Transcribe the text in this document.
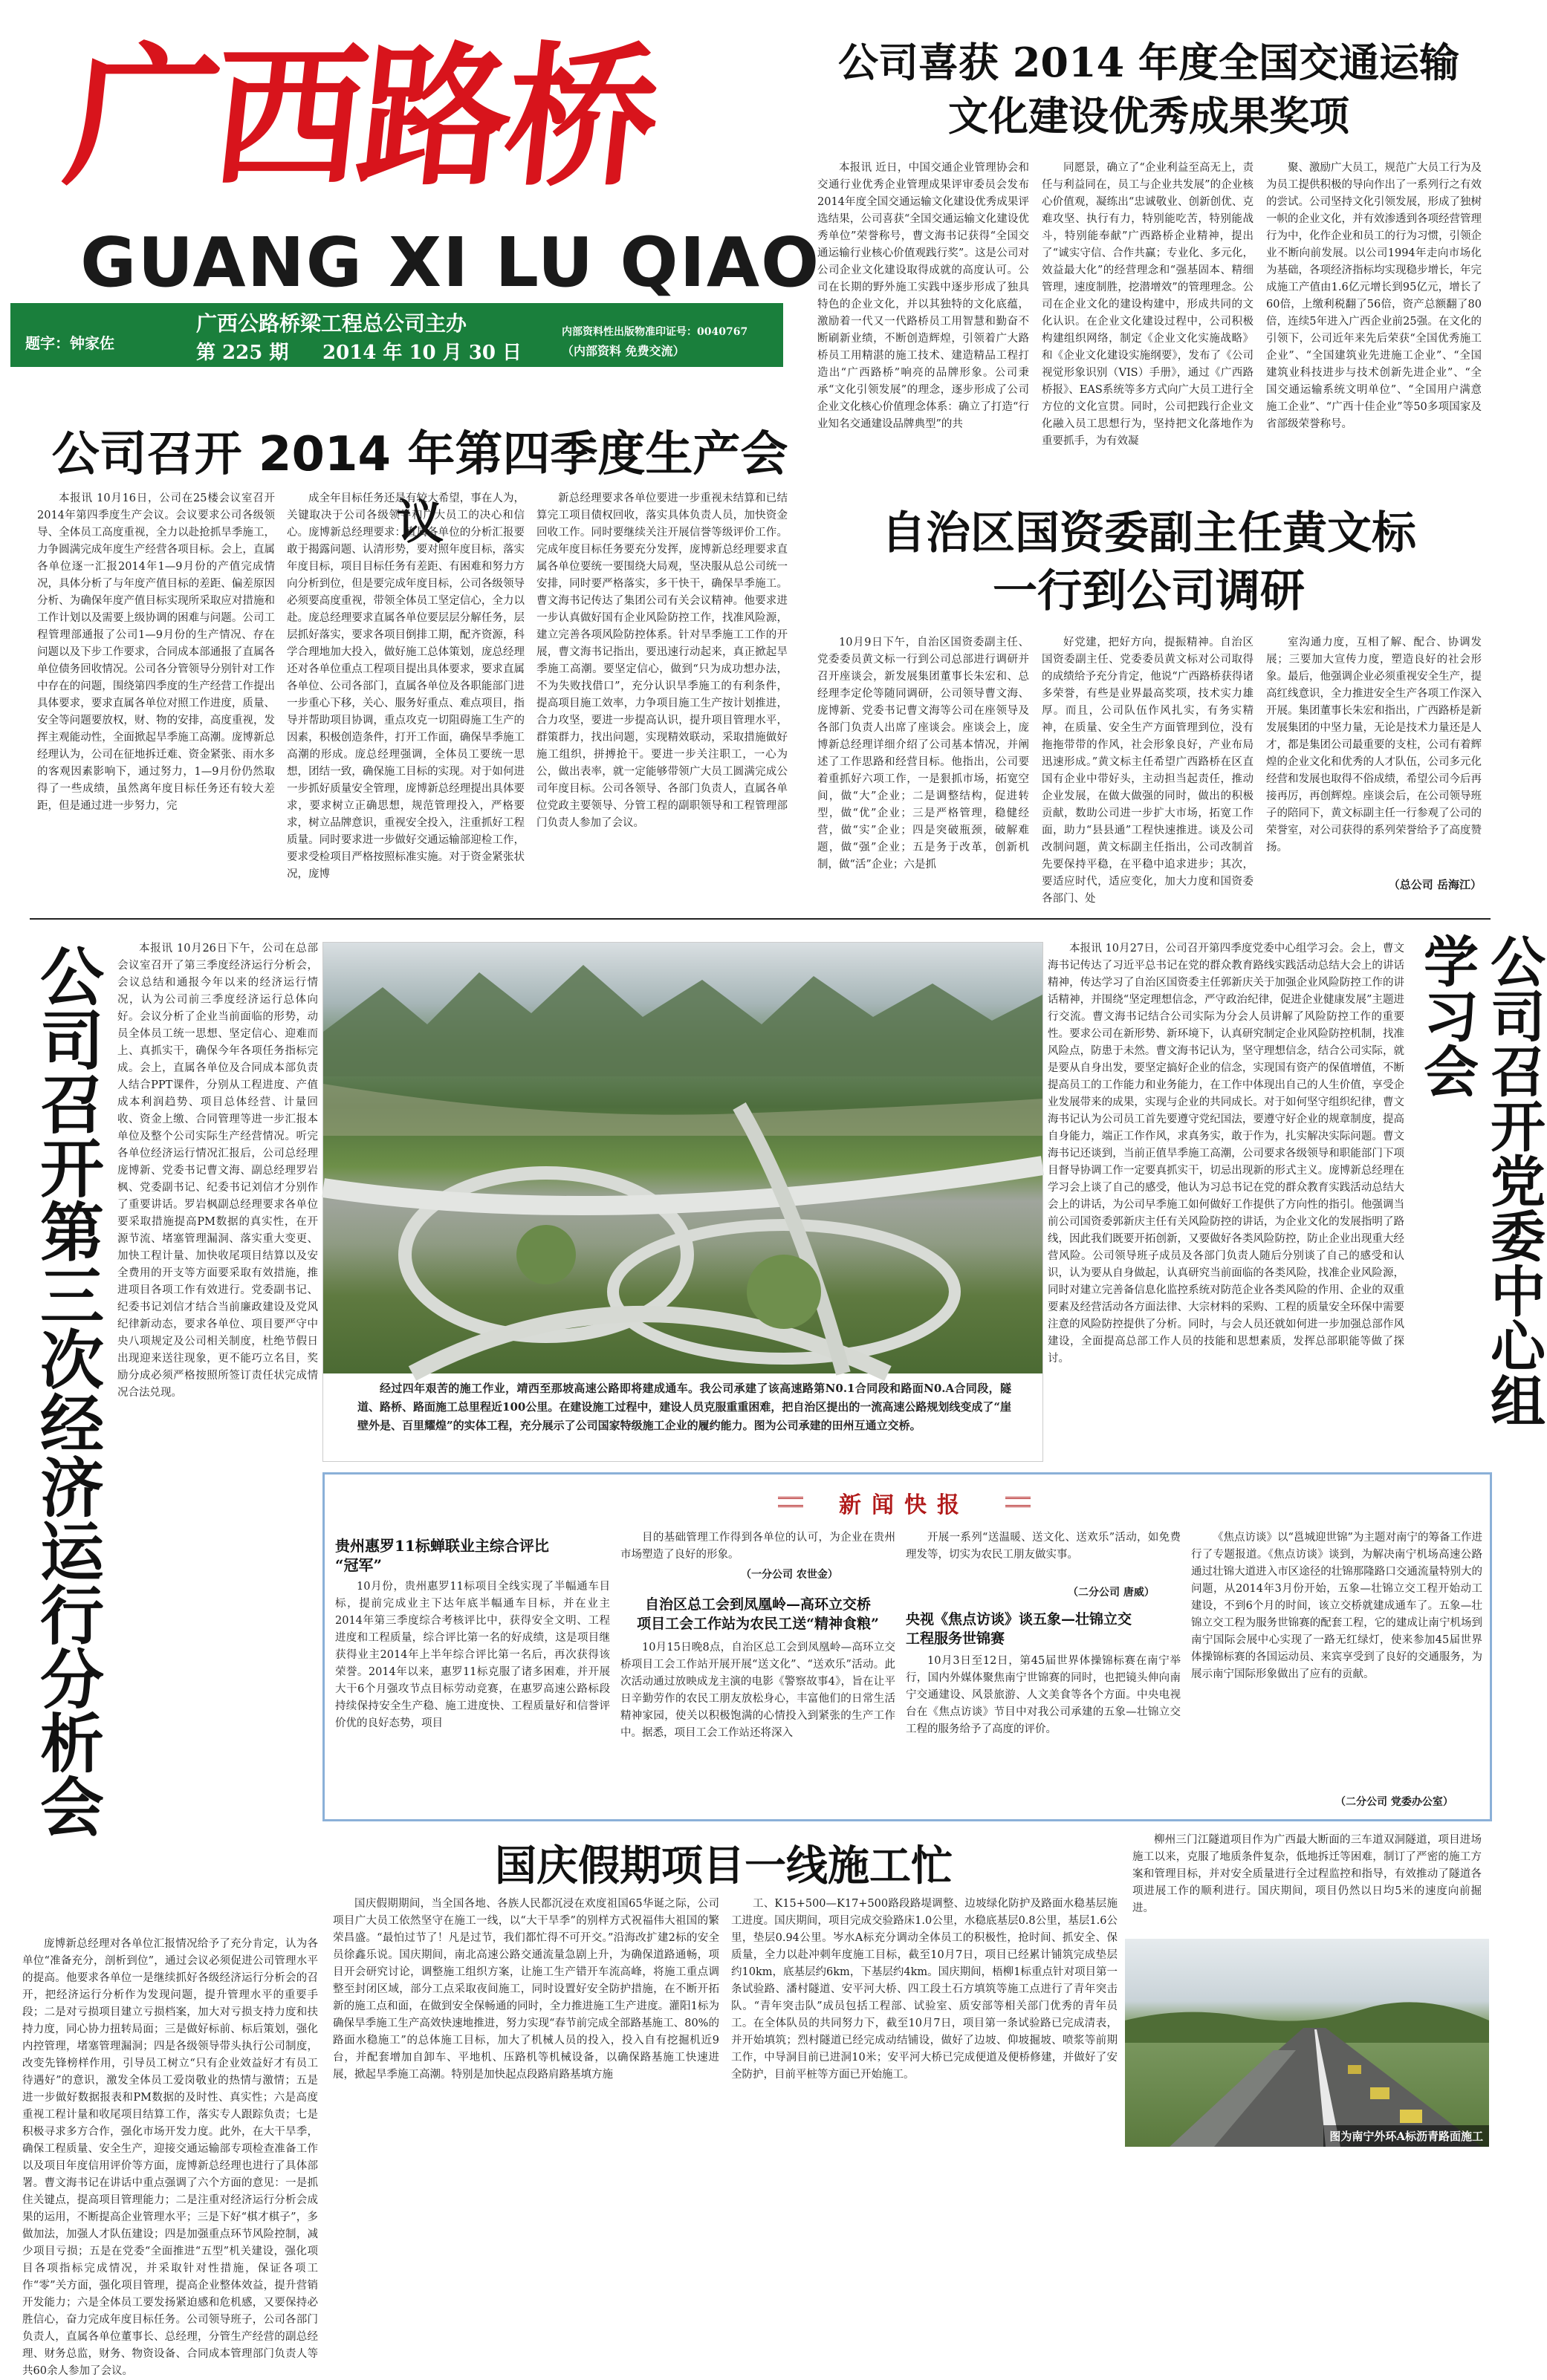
广西路桥
GUANG XI LU QIAO
题字：钟家佐
广西公路桥梁工程总公司主办
第 225 期 2014 年 10 月 30 日
内部资料性出版物准印证号：0040767
（内部资料 免费交流）
公司喜获 2014 年度全国交通运输
文化建设优秀成果奖项

本报讯 近日，中国交通企业管理协会和交通行业优秀企业管理成果评审委员会发布2014年度全国交通运输文化建设优秀成果评选结果，公司喜获“全国交通运输文化建设优秀单位”荣誉称号，曹文海书记获得“全国交通运输行业核心价值观践行奖”。这是公司对公司企业文化建设取得成就的高度认可。公司在长期的野外施工实践中逐步形成了独具特色的企业文化，并以其独特的文化底蕴，激励着一代又一代路桥员工用智慧和勤奋不断刷新业绩，不断创造辉煌，引领着广大路桥员工用精湛的施工技术、建造精品工程打造出“广西路桥”响亮的品牌形象。公司秉承“文化引领发展”的理念，逐步形成了公司企业文化核心价值理念体系：确立了打造“行业知名交通建设品牌典型”的共

同愿景，确立了“企业利益至高无上，责任与利益同在，员工与企业共发展”的企业核心价值观，凝练出“忠诚敬业、创新创优、克难攻坚、执行有力，特别能吃苦，特别能战斗，特别能奉献”广西路桥企业精神，提出了“诚实守信、合作共赢；专业化、多元化，效益最大化”的经营理念和“强基固本、精细管理，速度制胜，挖潜增效”的管理理念。公司在企业文化的建设构建中，形成共同的文化认识。在企业文化建设过程中，公司积极构建组织网络，制定《企业文化实施战略》和《企业文化建设实施纲要》，发布了《公司视觉形象识别（VIS）手册》，通过《广西路桥报》、EAS系统等多方式向广大员工进行全方位的文化宣贯。同时，公司把践行企业文化融入员工思想行为，坚持把文化落地作为重要抓手，为有效凝

聚、激励广大员工，规范广大员工行为及为员工提供积极的导向作出了一系列行之有效的尝试。公司坚持文化引领发展，形成了独树一帜的企业文化，并有效渗透到各项经营管理行为中，化作企业和员工的行为习惯，引领企业不断向前发展。以公司1994年走向市场化为基础，各项经济指标均实现稳步增长，年完成施工产值由1.6亿元增长到95亿元，增长了60倍，上缴利税翻了56倍，资产总额翻了80倍，连续5年进入广西企业前25强。在文化的引领下，公司近年来先后荣获“全国优秀施工企业”、“全国建筑业先进施工企业”、“全国建筑业科技进步与技术创新先进企业”、“全国交通运输系统文明单位”、“全国用户满意施工企业”、“广西十佳企业”等50多项国家及省部级荣誉称号。

公司召开 2014 年第四季度生产会议

本报讯 10月16日，公司在25楼会议室召开2014年第四季度生产会议。会议要求公司各级领导、全体员工高度重视，全力以赴抢抓旱季施工，力争圆满完成年度生产经营各项目标。会上，直属各单位逐一汇报2014年1—9月份的产值完成情况，具体分析了与年度产值目标的差距、偏差原因分析、为确保年度产值目标实现所采取应对措施和工作计划以及需要上级协调的困难与问题。公司工程管理部通报了公司1—9月份的生产情况、存在问题以及下步工作要求，合同成本部通报了直属各单位债务回收情况。公司各分管领导分别针对工作中存在的问题，围绕第四季度的生产经营工作提出具体要求，要求直属各单位对照工作进度，质量、安全等问题要放权，财、物的安排，高度重视，发挥主观能动性，全面掀起旱季施工高潮。庞博新总经理认为，公司在征地拆迁难、资金紧张、雨水多的客观因素影响下，通过努力，1—9月份仍然取得了一些成绩，虽然离年度目标任务还有较大差距，但是通过进一步努力，完

成全年目标任务还是有较大希望，事在人为，关键取决于公司各级领导和广大员工的决心和信心。庞博新总经理要求：直属各单位的分析汇报要敢于揭露问题、认清形势，要对照年度目标，落实年度目标，项目目标任务有差距、有困难和努力方向分析到位，但是要完成年度目标，公司各级领导必须要高度重视，带领全体员工坚定信心，全力以赴。庞总经理要求直属各单位要层层分解任务，层层抓好落实，要求各项目倒排工期，配齐资源，科学合理地加大投入，做好施工总体策划，庞总经理还对各单位重点工程项目提出具体要求，要求直属各单位、公司各部门，直属各单位及各职能部门进一步重心下移，关心、服务好重点、难点项目，指导并帮助项目协调，重点攻克一切阻碍施工生产的因素，积极创造条件，打开工作面，确保旱季施工高潮的形成。庞总经理强调，全体员工要统一思想，团结一致，确保施工目标的实现。对于如何进一步抓好质量安全管理，庞博新总经理提出具体要求，要求树立正确思想，规范管理投入，严格要求，树立品牌意识，重视安全投入，注重抓好工程质量。同时要求进一步做好交通运输部迎检工作，要求受检项目严格按照标准实施。对于资金紧张状况，庞博

新总经理要求各单位要进一步重视未结算和已结算完工项目债权回收，落实具体负责人员，加快资金回收工作。同时要继续关注开展信誉等级评价工作。完成年度目标任务要充分发挥，庞博新总经理要求直属各单位要统一要围绕大局观，坚决服从总公司统一安排，同时要严格落实，多干快干，确保旱季施工。曹文海书记传达了集团公司有关会议精神。他要求进一步认真做好国有企业风险防控工作，找准风险源，建立完善各项风险防控体系。针对旱季施工工作的开展，曹文海书记指出，要迅速行动起来，真正掀起旱季施工高潮。要坚定信心，做到“只为成功想办法，不为失败找借口”，充分认识旱季施工的有利条件，提高项目施工效率，力争项目施工生产按计划推进，合力攻坚，要进一步提高认识，提升项目管理水平，群策群力，找出问题，实现精效联动，采取措施做好施工组织，拼搏抢干。要进一步关注职工，一心为公，做出表率，就一定能够带领广大员工圆满完成公司年度目标。公司各领导、各部门负责人，直属各单位党政主要领导、分管工程的副职领导和工程管理部门负责人参加了会议。

自治区国资委副主任黄文标
一行到公司调研

10月9日下午，自治区国资委副主任、党委委员黄文标一行到公司总部进行调研并召开座谈会，新发展集团董事长朱宏和、总经理李定伦等随同调研，公司领导曹文海、庞博新、党委书记曹文海等公司在座领导及各部门负责人出席了座谈会。座谈会上，庞博新总经理详细介绍了公司基本情况，并阐述了工作思路和经营目标。他指出，公司要着重抓好六项工作，一是狠抓市场，拓宽空间，做“大”企业；二是调整结构，促进转型，做“优”企业；三是严格管理，稳健经营，做“实”企业；四是突破瓶颈，破解难题，做“强”企业；五是务于改革，创新机制，做“活”企业；六是抓

好党建，把好方向，提振精神。自治区国资委副主任、党委委员黄文标对公司取得的成绩给予充分肯定，他说“广西路桥获得诸多荣誉，有些是业界最高奖项，技术实力雄厚。而且，公司队伍作风扎实，有务实精神，在质量、安全生产方面管理到位，没有拖拖带带的作风，社会形象良好，产业布局迅速形成。”黄文标主任希望广西路桥在区直国有企业中带好头，主动担当起责任，推动企业发展，在做大做强的同时，做出的积极贡献，数助公司进一步扩大市场，拓宽工作面，助力“县县通”工程快速推进。谈及公司改制问题，黄文标副主任指出，公司改制首先要保持平稳，在平稳中追求进步；其次，要适应时代，适应变化，加大力度和国资委各部门、处

室沟通力度，互相了解、配合、协调发展；三要加大宣传力度，塑造良好的社会形象。最后，他强调企业必须重视安全生产，提高红线意识，全力推进安全生产各项工作深入开展。集团董事长朱宏和指出，广西路桥是新发展集团的中坚力量，无论是技术力量还是人才，都是集团公司最重要的支柱，公司有着辉煌的企业文化和优秀的人才队伍，公司多元化经营和发展也取得不俗成绩，希望公司今后再接再厉，再创辉煌。座谈会后，在公司领导班子的陪同下，黄文标副主任一行参观了公司的荣誉室，对公司获得的系列荣誉给予了高度赞扬。

（总公司 岳海江）
公司召开第三次经济运行分析会	本报讯 10月26日下午，公司在总部会议室召开了第三季度经济运行分析会，会议总结和通报今年以来的经济运行情况，认为公司前三季度经济运行总体向好。会议分析了企业当前面临的形势，动员全体员工统一思想、坚定信心、迎难而上、真抓实干，确保今年各项任务指标完成。会上，直属各单位及合同成本部负责人结合PPT课件，分别从工程进度、产值成本利润趋势、项目总体经营、计量回收、资金上缴、合同管理等进一步汇报本单位及整个公司实际生产经营情况。听完各单位经济运行情况汇报后，公司总经理庞博新、党委书记曹文海、副总经理罗岩枫、党委副书记、纪委书记刘信才分别作了重要讲话。罗岩枫副总经理要求各单位要采取措施提高PM数据的真实性，在开源节流、堵塞管理漏洞、落实重大变更、加快工程计量、加快收尾项目结算以及安全费用的开支等方面要采取有效措施，推进项目各项工作有效进行。党委副书记、纪委书记刘信才结合当前廉政建设及党风纪律新动态，要求各单位、项目要严守中央八项规定及公司相关制度，杜绝节假日出现迎来送往现象，更不能巧立名目，奖励分成必须严格按照所签订责任状完成情况合法兑现。

庞博新总经理对各单位汇报情况给予了充分肯定，认为各单位“准备充分，剖析到位”，通过会议必须促进公司管理水平的提高。他要求各单位一是继续抓好各级经济运行分析会的召开，把经济运行分析作为发现问题，提升管理水平的重要手段；二是对亏损项目建立亏损档案，加大对亏损支持力度和扶持力度，同心协力扭转局面；三是做好标前、标后策划，强化内控管理，堵塞管理漏洞；四是各级领导带头执行公司制度，改变先锋榜样作用，引导员工树立“只有企业效益好才有员工待遇好”的意识，激发全体员工爱岗敬业的热情与激情；五是进一步做好数据报表和PM数据的及时性、真实性；六是高度重视工程计量和收尾项目结算工作，落实专人跟踪负责；七是积极寻求多方合作，强化市场开发力度。此外，在大干旱季，确保工程质量、安全生产，迎接交通运输部专项检查准备工作以及项目年度信用评价等方面，庞博新总经理也进行了具体部署。曹文海书记在讲话中重点强调了六个方面的意见：一是抓住关键点，提高项目管理能力；二是注重对经济运行分析会成果的运用，不断提高企业管理水平；三是下好“棋才棋子”，多做加法，加强人才队伍建设；四是加强重点环节风险控制，减少项目亏损；五是在党委“全面推进“五型”机关建设，强化项目各项指标完成情况，并采取针对性措施，保证各项工作“零”关方面，强化项目管理，提高企业整体效益，提升营销开发能力；六是全体员工要发扬紧迫感和危机感，又要保持必胜信心，奋力完成年度目标任务。公司领导班子，公司各部门负责人，直属各单位董事长、总经理，分管生产经营的副总经理、财务总监，财务、物资设备、合同成本管理部门负责人等共60余人参加了会议。

经过四年艰苦的施工作业，靖西至那坡高速公路即将建成通车。我公司承建了该高速路第N0.1合同段和路面N0.A合同段，隧道、路桥、路面施工总里程近100公里。在建设施工过程中，建设人员克服重重困难，把自治区提出的一流高速公路规划线变成了“崖壁外是、百里耀煌”的实体工程，充分展示了公司国家特级施工企业的履约能力。图为公司承建的田州互通立交桥。

本报讯 10月27日，公司召开第四季度党委中心组学习会。会上，曹文海书记传达了习近平总书记在党的群众教育路线实践活动总结大会上的讲话精神，传达学习了自治区国资委主任郭新庆关于加强企业风险防控工作的讲话精神，并围绕“坚定理想信念，严守政治纪律，促进企业健康发展”主题进行交流。曹文海书记结合公司实际为分会人员讲解了风险防控工作的重要性。要求公司在新形势、新环境下，认真研究制定企业风险防控机制，找准风险点，防患于未然。曹文海书记认为，坚守理想信念，结合公司实际，就是要从自身出发，要坚定搞好企业的信念，实现国有资产的保值增值，不断提高员工的工作能力和业务能力，在工作中体现出自己的人生价值，享受企业发展带来的成果，实现与企业的共同成长。对于如何坚守组织纪律，曹文海书记认为公司员工首先要遵守党纪国法，要遵守好企业的规章制度，提高自身能力，端正工作作风，求真务实，敢于作为，扎实解决实际问题。曹文海书记还谈到，当前正值旱季施工高潮，公司要求各级领导和职能部门下项目督导协调工作一定要真抓实干，切忌出现新的形式主义。庞博新总经理在学习会上谈了自己的感受，他认为习总书记在党的群众教育实践活动总结大会上的讲话，为公司早季施工如何做好工作提供了方向性的指引。他强调当前公司国资委郭新庆主任有关风险防控的讲话，为企业文化的发展指明了路线，因此我们既要开拓创新，又要做好各类风险防控，防止企业出现重大经营风险。公司领导班子成员及各部门负责人随后分别谈了自己的感受和认识，认为要从自身做起，认真研究当前面临的各类风险，找准企业风险源，同时对建立完善备信息化监控系统对防范企业各类风险的作用、企业的双重要素及经营活动各方面法律、大宗材料的采购、工程的质量安全环保中需要注意的风险防控提供了分析。同时，与会人员还就如何进一步加强总部作风建设，全面提高总部工作人员的技能和思想素质，发挥总部职能等做了探讨。	公司召开党委中心组学习会
新闻快报
贵州惠罗11标蝉联业主综合评比
“冠军”

10月份，贵州惠罗11标项目全线实现了半幅通车目标，提前完成业主下达年底半幅通车目标，并在业主2014年第三季度综合考核评比中，获得安全文明、工程进度和工程质量，综合评比第一名的好成绩，这是项目继获得业主2014年上半年综合评比第一名后，再次获得该荣誉。2014年以来，惠罗11标克服了诸多困难，并开展大干6个月强攻节点目标劳动竞赛，在惠罗高速公路标段持续保持安全生产稳、施工进度快、工程质量好和信誉评价优的良好态势，项目

目的基础管理工作得到各单位的认可，为企业在贵州市场塑造了良好的形象。

（一分公司 农世金）
自治区总工会到凤凰岭—高环立交桥
项目工会工作站为农民工送“精神食粮”

10月15日晚8点，自治区总工会到凤凰岭—高环立交桥项目工会工作站开展开展“送文化”、“送欢乐”活动。此次活动通过放映成龙主演的电影《警察故事4》，旨在让平日辛勤劳作的农民工朋友放松身心，丰富他们的日常生活精神家园，使关以积极饱满的心情投入到紧张的生产工作中。据悉，项目工会工作站还将深入

开展一系列“送温暖、送文化、送欢乐”活动，如免费理发等，切实为农民工朋友做实事。

（二分公司 唐威）
央视《焦点访谈》谈五象—壮锦立交
工程服务世锦赛

10月3日至12日，第45届世界体操锦标赛在南宁举行，国内外媒体聚焦南宁世锦赛的同时，也把镜头伸向南宁交通建设、风景旅游、人文美食等各个方面。中央电视台在《焦点访谈》节目中对我公司承建的五象—壮锦立交工程的服务给予了高度的评价。

《焦点访谈》以“邕城迎世锦”为主题对南宁的筹备工作进行了专题报道。《焦点访谈》谈到，为解决南宁机场高速公路通过壮锦大道进入市区途径的壮锦那隆路口交通流量特别大的问题，从2014年3月份开始，五象—壮锦立交工程开始动工建设，不到6个月的时间，该立交桥就建成通车了。五象—壮锦立交工程为服务世锦赛的配套工程，它的建成让南宁机场到南宁国际会展中心实现了一路无红绿灯，使来参加45届世界体操锦标赛的各国运动员、来宾享受到了良好的交通服务，为展示南宁国际形象做出了应有的贡献。

（二分公司 党委办公室）
国庆假期项目一线施工忙

国庆假期期间，当全国各地、各族人民都沉浸在欢度祖国65华诞之际，公司项目广大员工依然坚守在施工一线，以“大干旱季”的别样方式祝福伟大祖国的繁荣昌盛。“最怕过节了！凡是过节，我们都忙得不可开交。”沿海改扩建2标的安全员徐鑫乐说。国庆期间，南北高速公路交通流量急剧上升，为确保道路通畅，项目开会研究讨论，调整施工组织方案，让施工生产错开车流高峰，将施工重点调整至封闭区域，部分工点采取夜间施工，同时设置好安全防护措施，在不断开拓新的施工点和面，在做到安全保畅通的同时，全力推进施工生产进度。灌阳1标为确保旱季施工生产高效快速地推进，努力实现“春节前完成全部路基施工、80%的路面水稳施工”的总体施工目标，加大了机械人员的投入，投入自有挖掘机近9台，并配套增加自卸车、平地机、压路机等机械设备，以确保路基施工快速进展，掀起旱季施工高潮。特别是加快起点段路肩路基填方施

工、K15+500—K17+500路段路堤调整、边坡绿化防护及路面水稳基层施工进度。国庆期间，项目完成交验路床1.0公里，水稳底基层0.8公里，基层1.6公里，垫层0.94公里。岑水A标充分调动全体员工的积极性，抢时间、抓安全、保质量，全力以赴冲刺年度施工目标，截至10月7日，项目已经累计铺筑完成垫层约10km，底基层约6km，下基层约4km。国庆期间，梧柳1标重点针对项目第一条试验路、潘村隧道、安平河大桥、四工段土石方填筑等施工点进行了青年突击队。“青年突击队”成员包括工程部、试验室、质安部等相关部门优秀的青年员工。在全体队员的共同努力下，截至10月7日，项目第一条试验路已完成清表，并开始填筑；烈村隧道已经完成动结铺设，做好了边坡、仰坡掘坡、喷浆等前期工作，中导洞目前已进洞10米；安平河大桥已完成便道及便桥修建，并做好了安全防护，目前平桩等方面已开始施工。

柳州三门江隧道项目作为广西最大断面的三车道双洞隧道，项目进场施工以来，克服了地质条件复杂，低地拆迁等困难，制订了严密的施工方案和管理目标，并对安全质量进行全过程监控和指导，有效推动了隧道各项进展工作的顺利进行。国庆期间，项目仍然以日均5米的速度向前掘进。

图为南宁外环A标沥青路面施工
